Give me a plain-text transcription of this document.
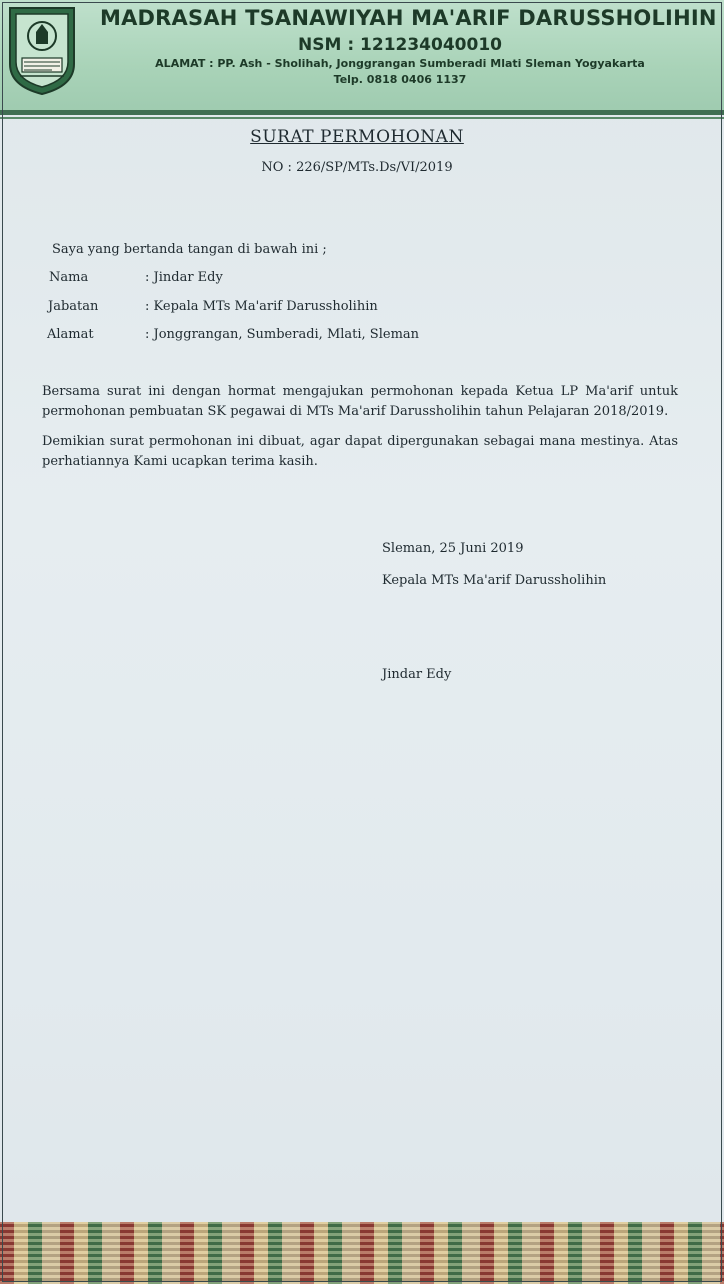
MADRASAH TSANAWIYAH MA'ARIF DARUSSHOLIHIN
NSM : 121234040010
ALAMAT : PP. Ash - Sholihah, Jonggrangan Sumberadi Mlati Sleman Yogyakarta
Telp. 0818 0406 1137
SURAT PERMOHONAN
NO : 226/SP/MTs.Ds/VI/2019
Saya yang bertanda tangan di bawah ini ;
Nama	: Jindar Edy
Jabatan	: Kepala MTs Ma'arif Darussholihin
Alamat	: Jonggrangan, Sumberadi, Mlati, Sleman
Bersama surat ini dengan hormat mengajukan permohonan kepada Ketua LP Ma'arif untuk permohonan pembuatan SK pegawai di MTs Ma'arif Darussholihin tahun Pelajaran 2018/2019.
Demikian surat permohonan ini dibuat, agar dapat dipergunakan sebagai mana mestinya. Atas perhatiannya Kami ucapkan terima kasih.
Sleman, 25 Juni 2019
Kepala MTs Ma'arif Darussholihin
Jindar Edy
